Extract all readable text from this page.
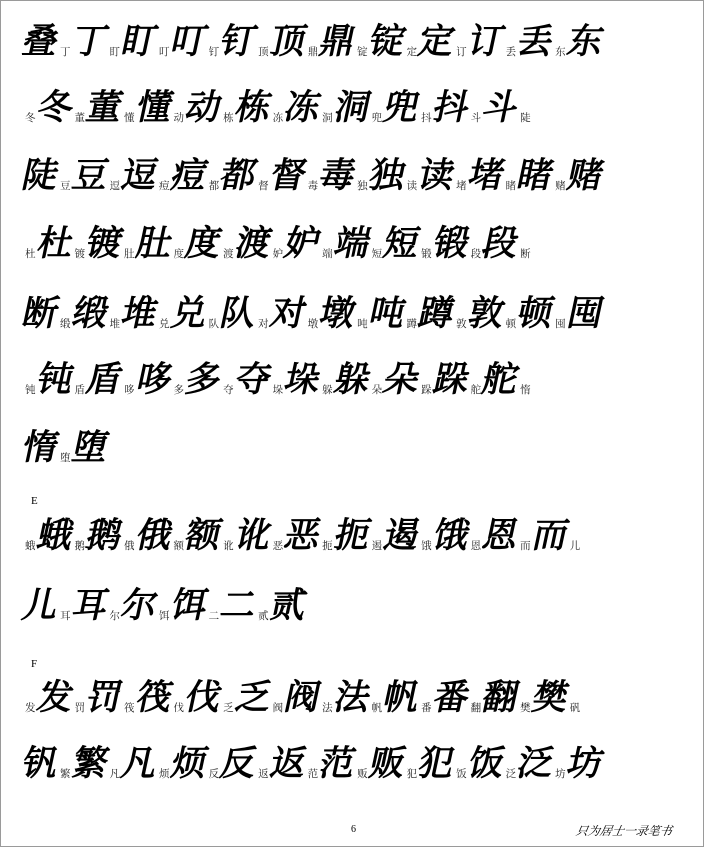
E
F
叠
丁
丁
盯
盯
叮
叮
钉
钉
顶
顶
鼎
鼎
锭
锭
定
定
订
订
丢
丢
东
东
冬
冬
董
董
懂
懂
动
动
栋
栋
冻
冻
洞
洞
兜
兜
抖
抖
斗
斗
陡
陡
豆
豆
逗
逗
痘
痘
都
都
督
督
毒
毒
独
独
读
读
堵
堵
睹
睹
赌
赌
杜
杜
镀
镀
肚
肚
度
度
渡
渡
妒
妒
端
端
短
短
锻
锻
段
段
断
断
缎
缎
堆
堆
兑
兑
队
队
对
对
墩
墩
吨
吨
蹲
蹲
敦
敦
顿
顿
囤
囤
钝
钝
盾
盾
哆
哆
多
多
夺
夺
垛
垛
躲
躲
朵
朵
跺
跺
舵
舵
惰
惰
堕
堕
蛾
蛾
鹅
鹅
俄
俄
额
额
讹
讹
恶
恶
扼
扼
遏
遏
饿
饿
恩
恩
而
而
儿
儿
耳
耳
尔
尔
饵
饵
二
二
贰
贰
发
发
罚
罚
筏
筏
伐
伐
乏
乏
阀
阀
法
法
帆
帆
番
番
翻
翻
樊
樊
矾
钒
繁
繁
凡
凡
烦
烦
反
反
返
返
范
范
贩
贩
犯
犯
饭
饭
泛
泛
坊
坊
6	只为居士一录笔书
